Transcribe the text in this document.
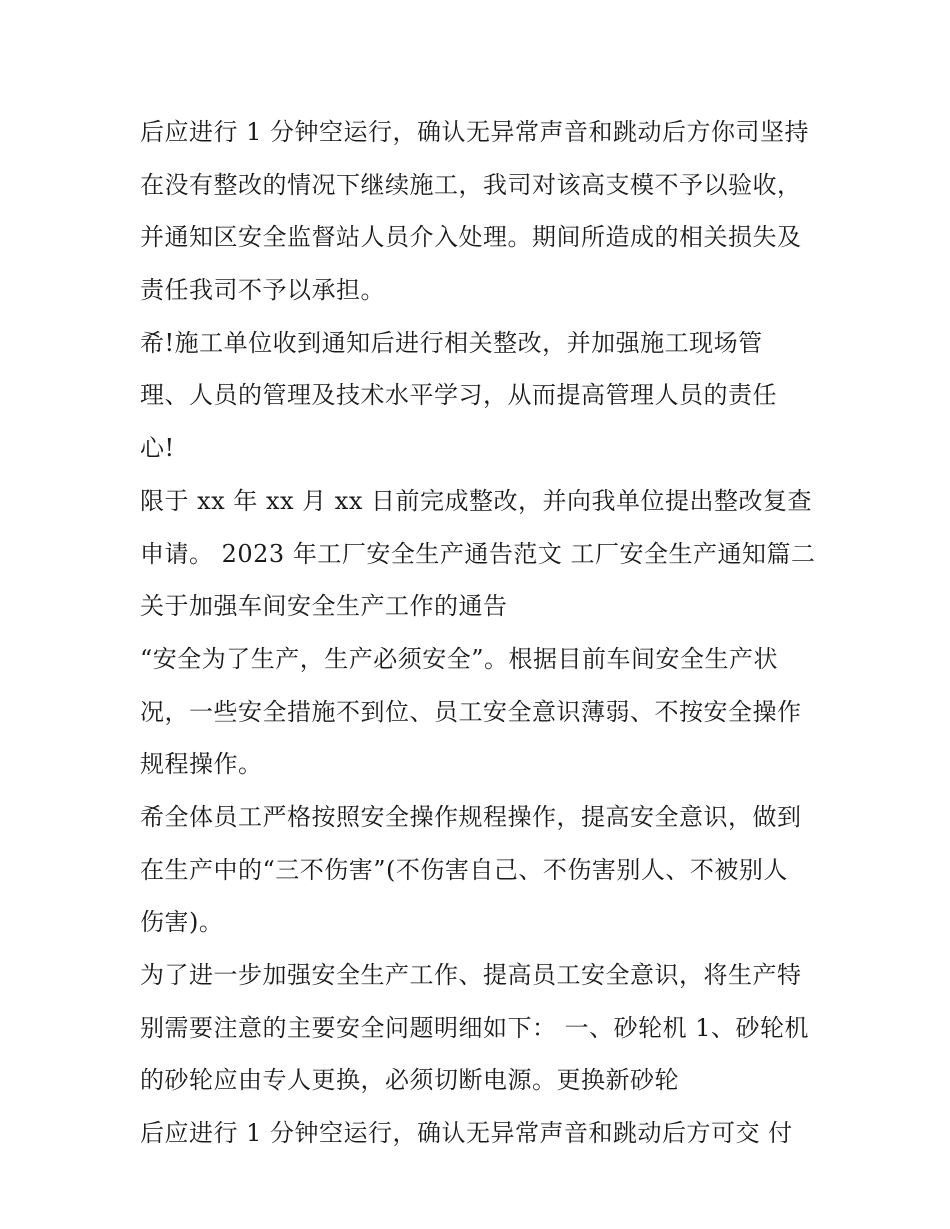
后应进行 1 分钟空运行，确认无异常声音和跳动后方你司坚持
在没有整改的情况下继续施工，我司对该高支模不予以验收，
并通知区安全监督站人员介入处理。期间所造成的相关损失及
责任我司不予以承担。
希!施工单位收到通知后进行相关整改，并加强施工现场管
理、人员的管理及技术水平学习，从而提高管理人员的责任
心!
限于 xx 年 xx 月 xx 日前完成整改，并向我单位提出整改复查
申请。 2023 年工厂安全生产通告范文 工厂安全生产通知篇二
关于加强车间安全生产工作的通告
“安全为了生产，生产必须安全”。根据目前车间安全生产状
况，一些安全措施不到位、员工安全意识薄弱、不按安全操作
规程操作。
希全体员工严格按照安全操作规程操作，提高安全意识，做到
在生产中的“三不伤害”(不伤害自己、不伤害别人、不被别人
伤害)。
为了进一步加强安全生产工作、提高员工安全意识，将生产特
别需要注意的主要安全问题明细如下： 一、砂轮机 1、砂轮机
的砂轮应由专人更换，必须切断电源。更换新砂轮
后应进行 1 分钟空运行，确认无异常声音和跳动后方可交 付
